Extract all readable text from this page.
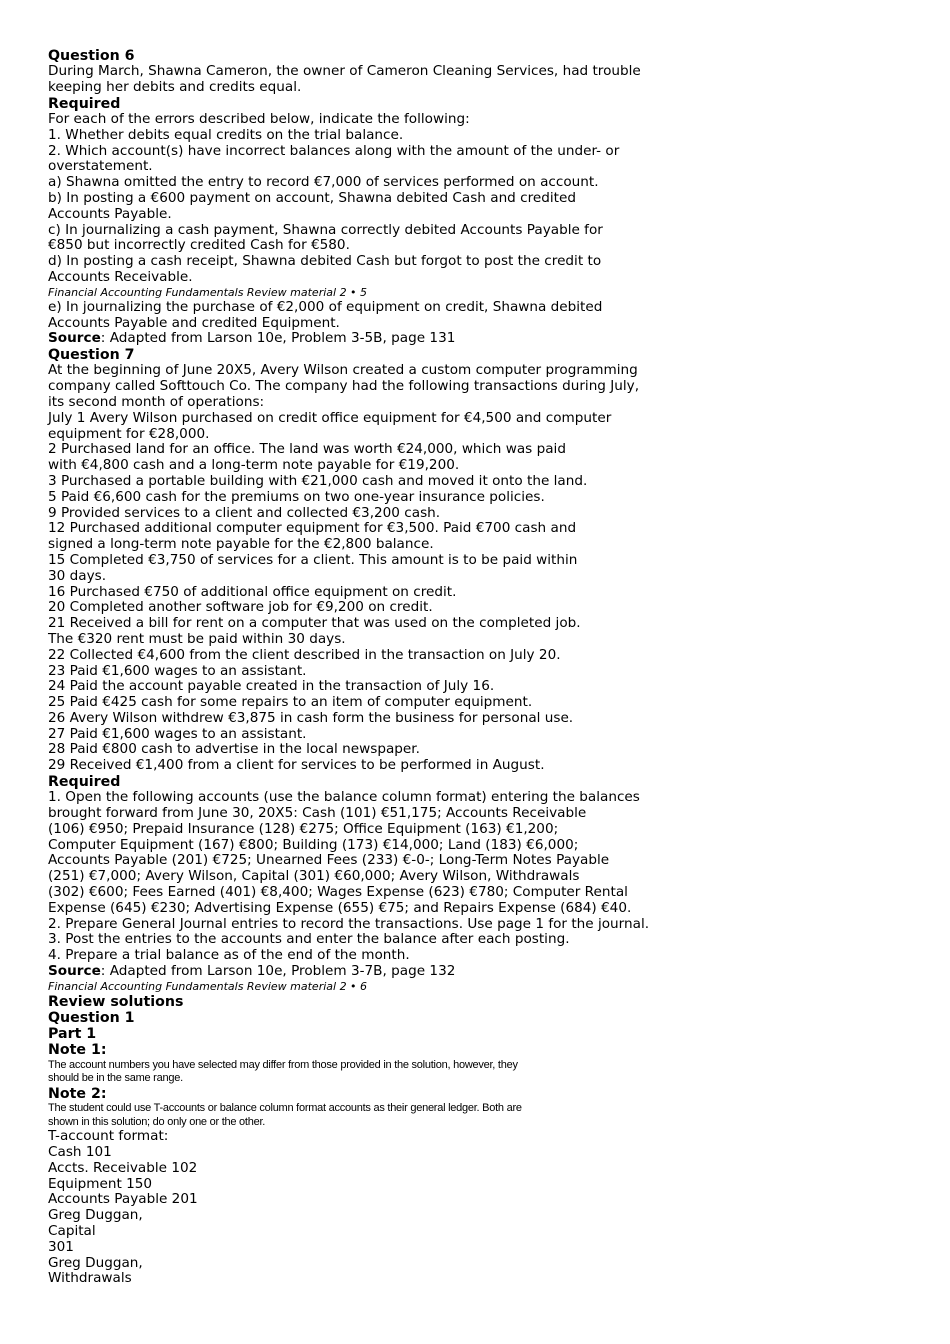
Question 6
During March, Shawna Cameron, the owner of Cameron Cleaning Services, had trouble
keeping her debits and credits equal.
Required
For each of the errors described below, indicate the following:
1. Whether debits equal credits on the trial balance.
2. Which account(s) have incorrect balances along with the amount of the under- or
overstatement.
a) Shawna omitted the entry to record €7,000 of services performed on account.
b) In posting a €600 payment on account, Shawna debited Cash and credited
Accounts Payable.
c) In journalizing a cash payment, Shawna correctly debited Accounts Payable for
€850 but incorrectly credited Cash for €580.
d) In posting a cash receipt, Shawna debited Cash but forgot to post the credit to
Accounts Receivable.
Financial Accounting Fundamentals Review material 2 • 5
e) In journalizing the purchase of €2,000 of equipment on credit, Shawna debited
Accounts Payable and credited Equipment.
Source: Adapted from Larson 10e, Problem 3-5B, page 131
Question 7
At the beginning of June 20X5, Avery Wilson created a custom computer programming
company called Softtouch Co. The company had the following transactions during July,
its second month of operations:
July 1 Avery Wilson purchased on credit office equipment for €4,500 and computer
equipment for €28,000.
2 Purchased land for an office. The land was worth €24,000, which was paid
with €4,800 cash and a long-term note payable for €19,200.
3 Purchased a portable building with €21,000 cash and moved it onto the land.
5 Paid €6,600 cash for the premiums on two one-year insurance policies.
9 Provided services to a client and collected €3,200 cash.
12 Purchased additional computer equipment for €3,500. Paid €700 cash and
signed a long-term note payable for the €2,800 balance.
15 Completed €3,750 of services for a client. This amount is to be paid within
30 days.
16 Purchased €750 of additional office equipment on credit.
20 Completed another software job for €9,200 on credit.
21 Received a bill for rent on a computer that was used on the completed job.
The €320 rent must be paid within 30 days.
22 Collected €4,600 from the client described in the transaction on July 20.
23 Paid €1,600 wages to an assistant.
24 Paid the account payable created in the transaction of July 16.
25 Paid €425 cash for some repairs to an item of computer equipment.
26 Avery Wilson withdrew €3,875 in cash form the business for personal use.
27 Paid €1,600 wages to an assistant.
28 Paid €800 cash to advertise in the local newspaper.
29 Received €1,400 from a client for services to be performed in August.
Required
1. Open the following accounts (use the balance column format) entering the balances
brought forward from June 30, 20X5: Cash (101) €51,175; Accounts Receivable
(106) €950; Prepaid Insurance (128) €275; Office Equipment (163) €1,200;
Computer Equipment (167) €800; Building (173) €14,000; Land (183) €6,000;
Accounts Payable (201) €725; Unearned Fees (233) €-0-; Long-Term Notes Payable
(251) €7,000; Avery Wilson, Capital (301) €60,000; Avery Wilson, Withdrawals
(302) €600; Fees Earned (401) €8,400; Wages Expense (623) €780; Computer Rental
Expense (645) €230; Advertising Expense (655) €75; and Repairs Expense (684) €40.
2. Prepare General Journal entries to record the transactions. Use page 1 for the journal.
3. Post the entries to the accounts and enter the balance after each posting.
4. Prepare a trial balance as of the end of the month.
Source: Adapted from Larson 10e, Problem 3-7B, page 132
Financial Accounting Fundamentals Review material 2 • 6
Review solutions
Question 1
Part 1
Note 1:
The account numbers you have selected may differ from those provided in the solution, however, they
should be in the same range.
Note 2:
The student could use T-accounts or balance column format accounts as their general ledger. Both are
shown in this solution; do only one or the other.
T-account format:
Cash 101
Accts. Receivable 102
Equipment 150
Accounts Payable 201
Greg Duggan,
Capital
301
Greg Duggan,
Withdrawals
